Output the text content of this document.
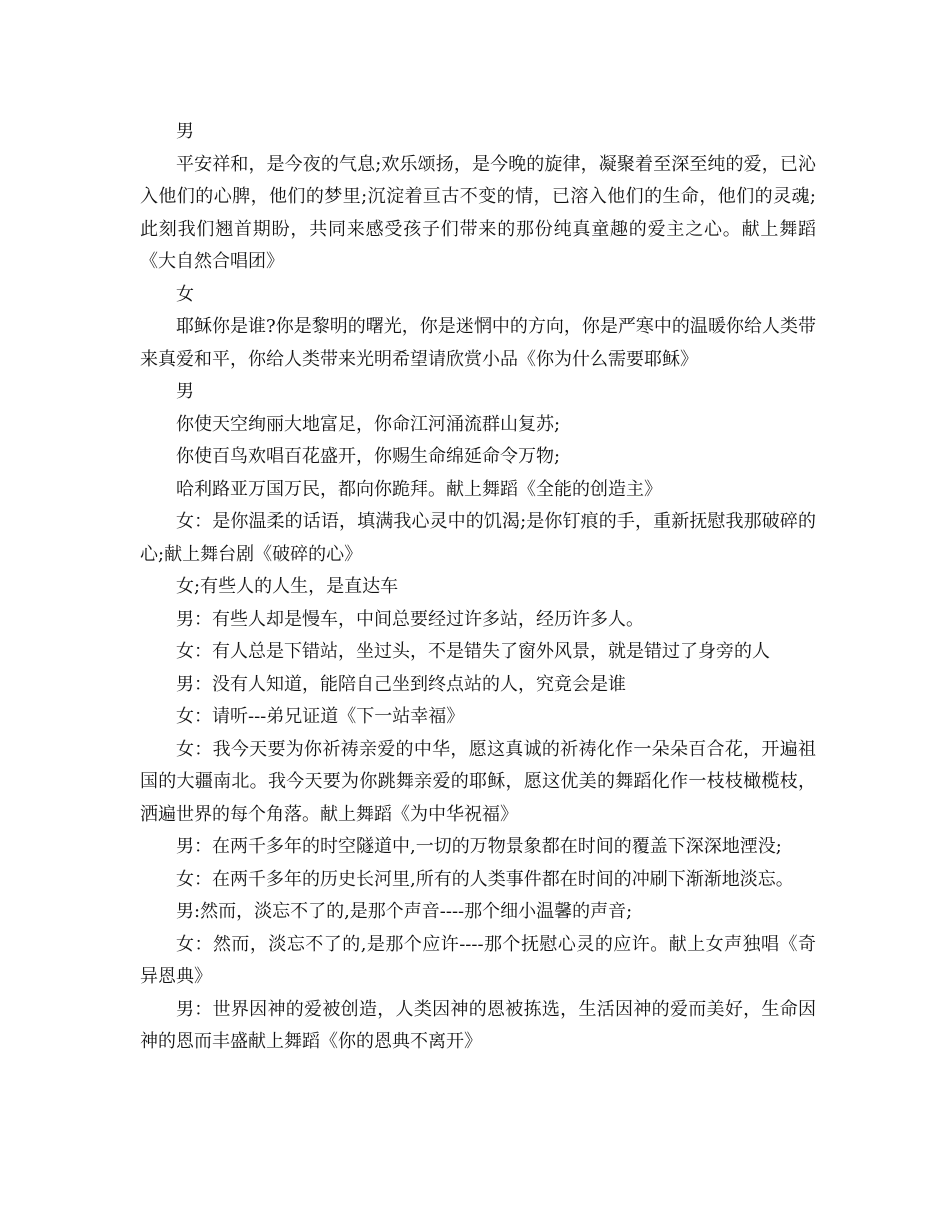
男

平安祥和，是今夜的气息;欢乐颂扬，是今晚的旋律，凝聚着至深至纯的爱，已沁入他们的心脾，他们的梦里;沉淀着亘古不变的情，已溶入他们的生命，他们的灵魂;此刻我们翘首期盼，共同来感受孩子们带来的那份纯真童趣的爱主之心。献上舞蹈《大自然合唱团》

女

耶稣你是谁?你是黎明的曙光，你是迷惘中的方向，你是严寒中的温暖你给人类带来真爱和平，你给人类带来光明希望请欣赏小品《你为什么需要耶稣》

男

你使天空绚丽大地富足，你命江河涌流群山复苏;

你使百鸟欢唱百花盛开，你赐生命绵延命令万物;

哈利路亚万国万民，都向你跪拜。献上舞蹈《全能的创造主》

女：是你温柔的话语，填满我心灵中的饥渴;是你钉痕的手，重新抚慰我那破碎的心;献上舞台剧《破碎的心》

女;有些人的人生，是直达车

男：有些人却是慢车，中间总要经过许多站，经历许多人。

女：有人总是下错站，坐过头，不是错失了窗外风景，就是错过了身旁的人

男：没有人知道，能陪自己坐到终点站的人，究竟会是谁

女：请听---弟兄证道《下一站幸福》

女：我今天要为你祈祷亲爱的中华，愿这真诚的祈祷化作一朵朵百合花，开遍祖国的大疆南北。我今天要为你跳舞亲爱的耶稣，愿这优美的舞蹈化作一枝枝橄榄枝，洒遍世界的每个角落。献上舞蹈《为中华祝福》

男：在两千多年的时空隧道中,一切的万物景象都在时间的覆盖下深深地湮没;

女：在两千多年的历史长河里,所有的人类事件都在时间的冲刷下渐渐地淡忘。

男:然而，淡忘不了的,是那个声音----那个细小温馨的声音;

女：然而，淡忘不了的,是那个应许----那个抚慰心灵的应许。献上女声独唱《奇异恩典》

男：世界因神的爱被创造，人类因神的恩被拣选，生活因神的爱而美好，生命因神的恩而丰盛献上舞蹈《你的恩典不离开》
